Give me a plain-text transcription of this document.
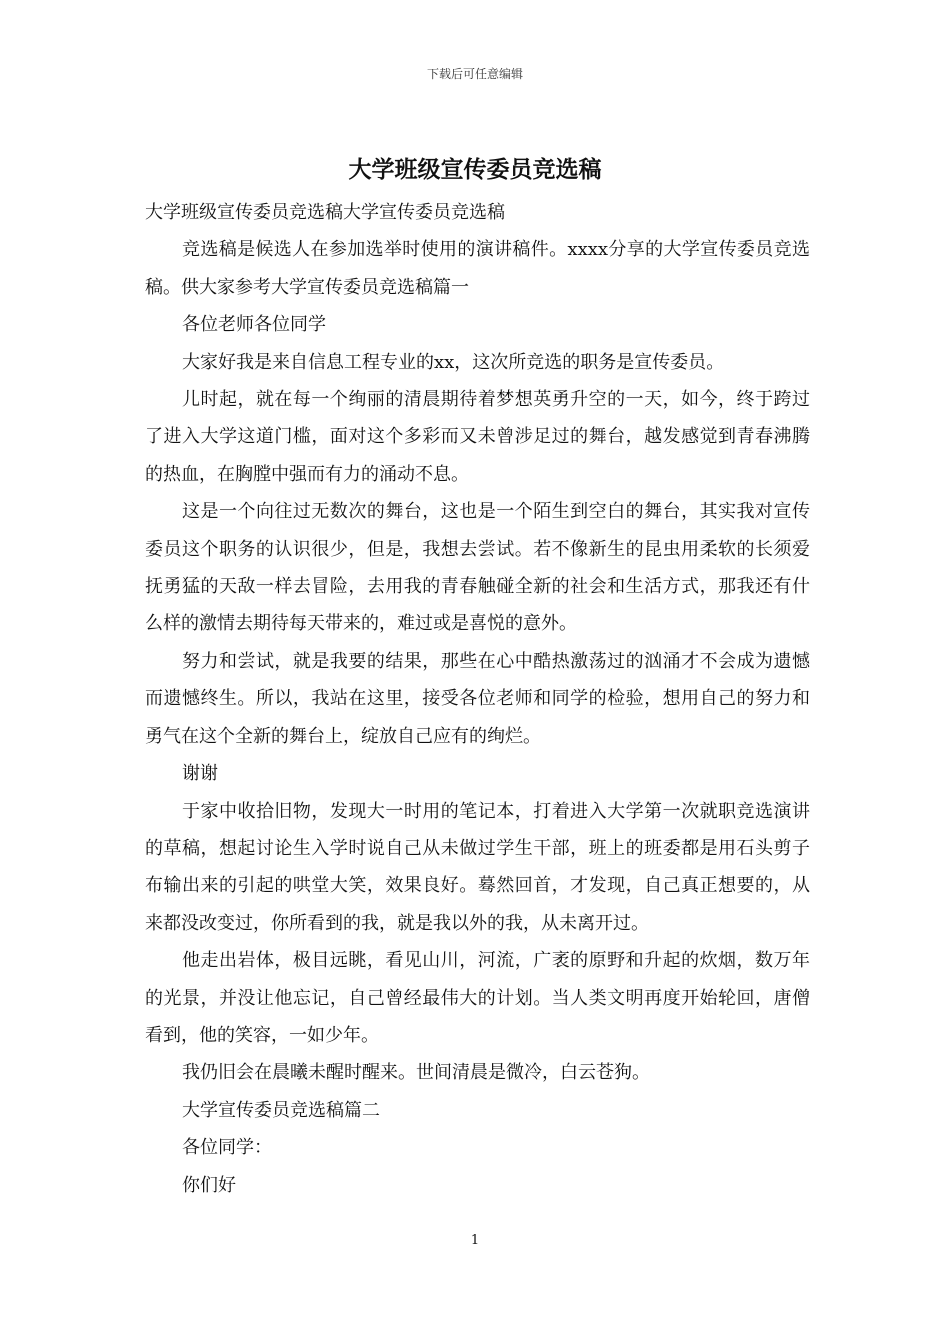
下载后可任意编辑
大学班级宣传委员竞选稿

大学班级宣传委员竞选稿大学宣传委员竞选稿

竞选稿是候选人在参加选举时使用的演讲稿件。xxxx分享的大学宣传委员竞选稿。供大家参考大学宣传委员竞选稿篇一

各位老师各位同学

大家好我是来自信息工程专业的xx，这次所竞选的职务是宣传委员。

儿时起，就在每一个绚丽的清晨期待着梦想英勇升空的一天，如今，终于跨过了进入大学这道门槛，面对这个多彩而又未曾涉足过的舞台，越发感觉到青春沸腾的热血，在胸膛中强而有力的涌动不息。

这是一个向往过无数次的舞台，这也是一个陌生到空白的舞台，其实我对宣传委员这个职务的认识很少，但是，我想去尝试。若不像新生的昆虫用柔软的长须爱抚勇猛的天敌一样去冒险，去用我的青春触碰全新的社会和生活方式，那我还有什么样的激情去期待每天带来的，难过或是喜悦的意外。

努力和尝试，就是我要的结果，那些在心中酷热激荡过的汹涌才不会成为遗憾而遗憾终生。所以，我站在这里，接受各位老师和同学的检验，想用自己的努力和勇气在这个全新的舞台上，绽放自己应有的绚烂。

谢谢

于家中收拾旧物，发现大一时用的笔记本，打着进入大学第一次就职竞选演讲的草稿，想起讨论生入学时说自己从未做过学生干部，班上的班委都是用石头剪子布输出来的引起的哄堂大笑，效果良好。蓦然回首，才发现，自己真正想要的，从来都没改变过，你所看到的我，就是我以外的我，从未离开过。

他走出岩体，极目远眺，看见山川，河流，广袤的原野和升起的炊烟，数万年的光景，并没让他忘记，自己曾经最伟大的计划。当人类文明再度开始轮回，唐僧看到，他的笑容，一如少年。

我仍旧会在晨曦未醒时醒来。世间清晨是微冷，白云苍狗。

大学宣传委员竞选稿篇二

各位同学：

你们好

1
